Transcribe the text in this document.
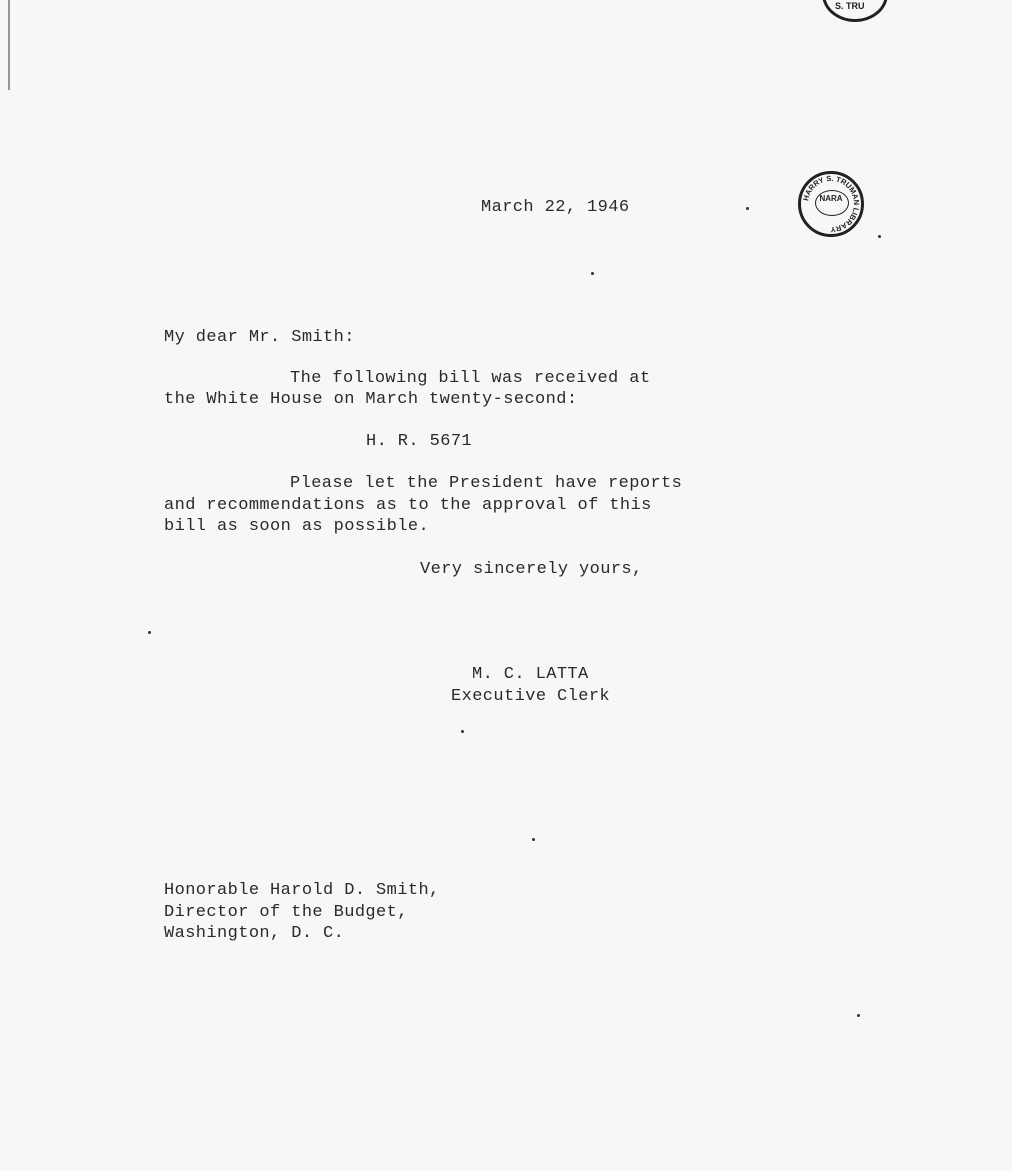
S. TRU
HARRY S. TRUMAN LIBRARY
NARA
March 22, 1946
My dear Mr. Smith:
The following bill was received at
the White House on March twenty-second:
H. R. 5671
Please let the President have reports
and recommendations as to the approval of this
bill as soon as possible.
Very sincerely yours,
M. C. LATTA
Executive Clerk
Honorable Harold D. Smith,
Director of the Budget,
Washington, D. C.
